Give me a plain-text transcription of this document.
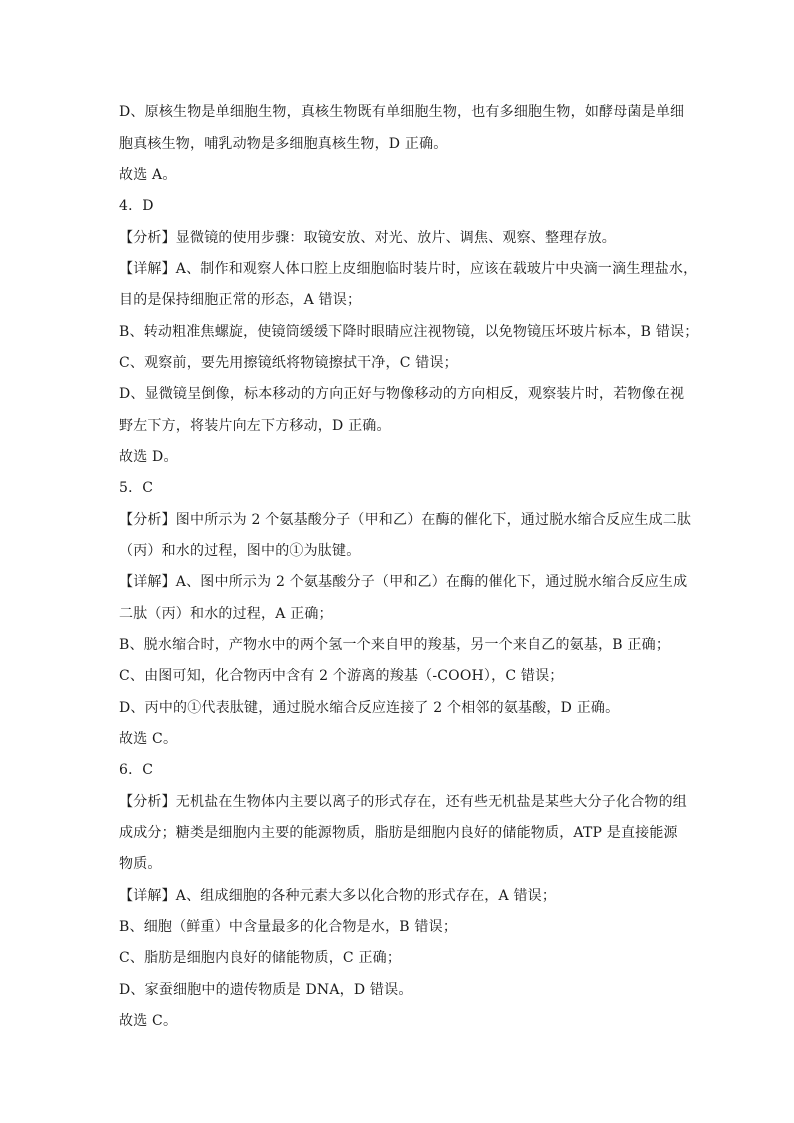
D、原核生物是单细胞生物，真核生物既有单细胞生物，也有多细胞生物，如酵母菌是单细
胞真核生物，哺乳动物是多细胞真核生物，D 正确。
故选 A。
4．D
【分析】显微镜的使用步骤：取镜安放、对光、放片、调焦、观察、整理存放。
【详解】A、制作和观察人体口腔上皮细胞临时装片时，应该在载玻片中央滴一滴生理盐水，
目的是保持细胞正常的形态，A 错误；
B、转动粗准焦螺旋，使镜筒缓缓下降时眼睛应注视物镜，以免物镜压坏玻片标本，B 错误；
C、观察前，要先用擦镜纸将物镜擦拭干净，C 错误；
D、显微镜呈倒像，标本移动的方向正好与物像移动的方向相反，观察装片时，若物像在视
野左下方，将装片向左下方移动，D 正确。
故选 D。
5．C
【分析】图中所示为 2 个氨基酸分子（甲和乙）在酶的催化下，通过脱水缩合反应生成二肽
（丙）和水的过程，图中的①为肽键。
【详解】A、图中所示为 2 个氨基酸分子（甲和乙）在酶的催化下，通过脱水缩合反应生成
二肽（丙）和水的过程，A 正确；
B、脱水缩合时，产物水中的两个氢一个来自甲的羧基，另一个来自乙的氨基，B 正确；
C、由图可知，化合物丙中含有 2 个游离的羧基（-COOH），C 错误；
D、丙中的①代表肽键，通过脱水缩合反应连接了 2 个相邻的氨基酸，D 正确。
故选 C。
6．C
【分析】无机盐在生物体内主要以离子的形式存在，还有些无机盐是某些大分子化合物的组
成成分；糖类是细胞内主要的能源物质，脂肪是细胞内良好的储能物质，ATP 是直接能源
物质。
【详解】A、组成细胞的各种元素大多以化合物的形式存在，A 错误；
B、细胞（鲜重）中含量最多的化合物是水，B 错误；
C、脂肪是细胞内良好的储能物质，C 正确；
D、家蚕细胞中的遗传物质是 DNA，D 错误。
故选 C。
